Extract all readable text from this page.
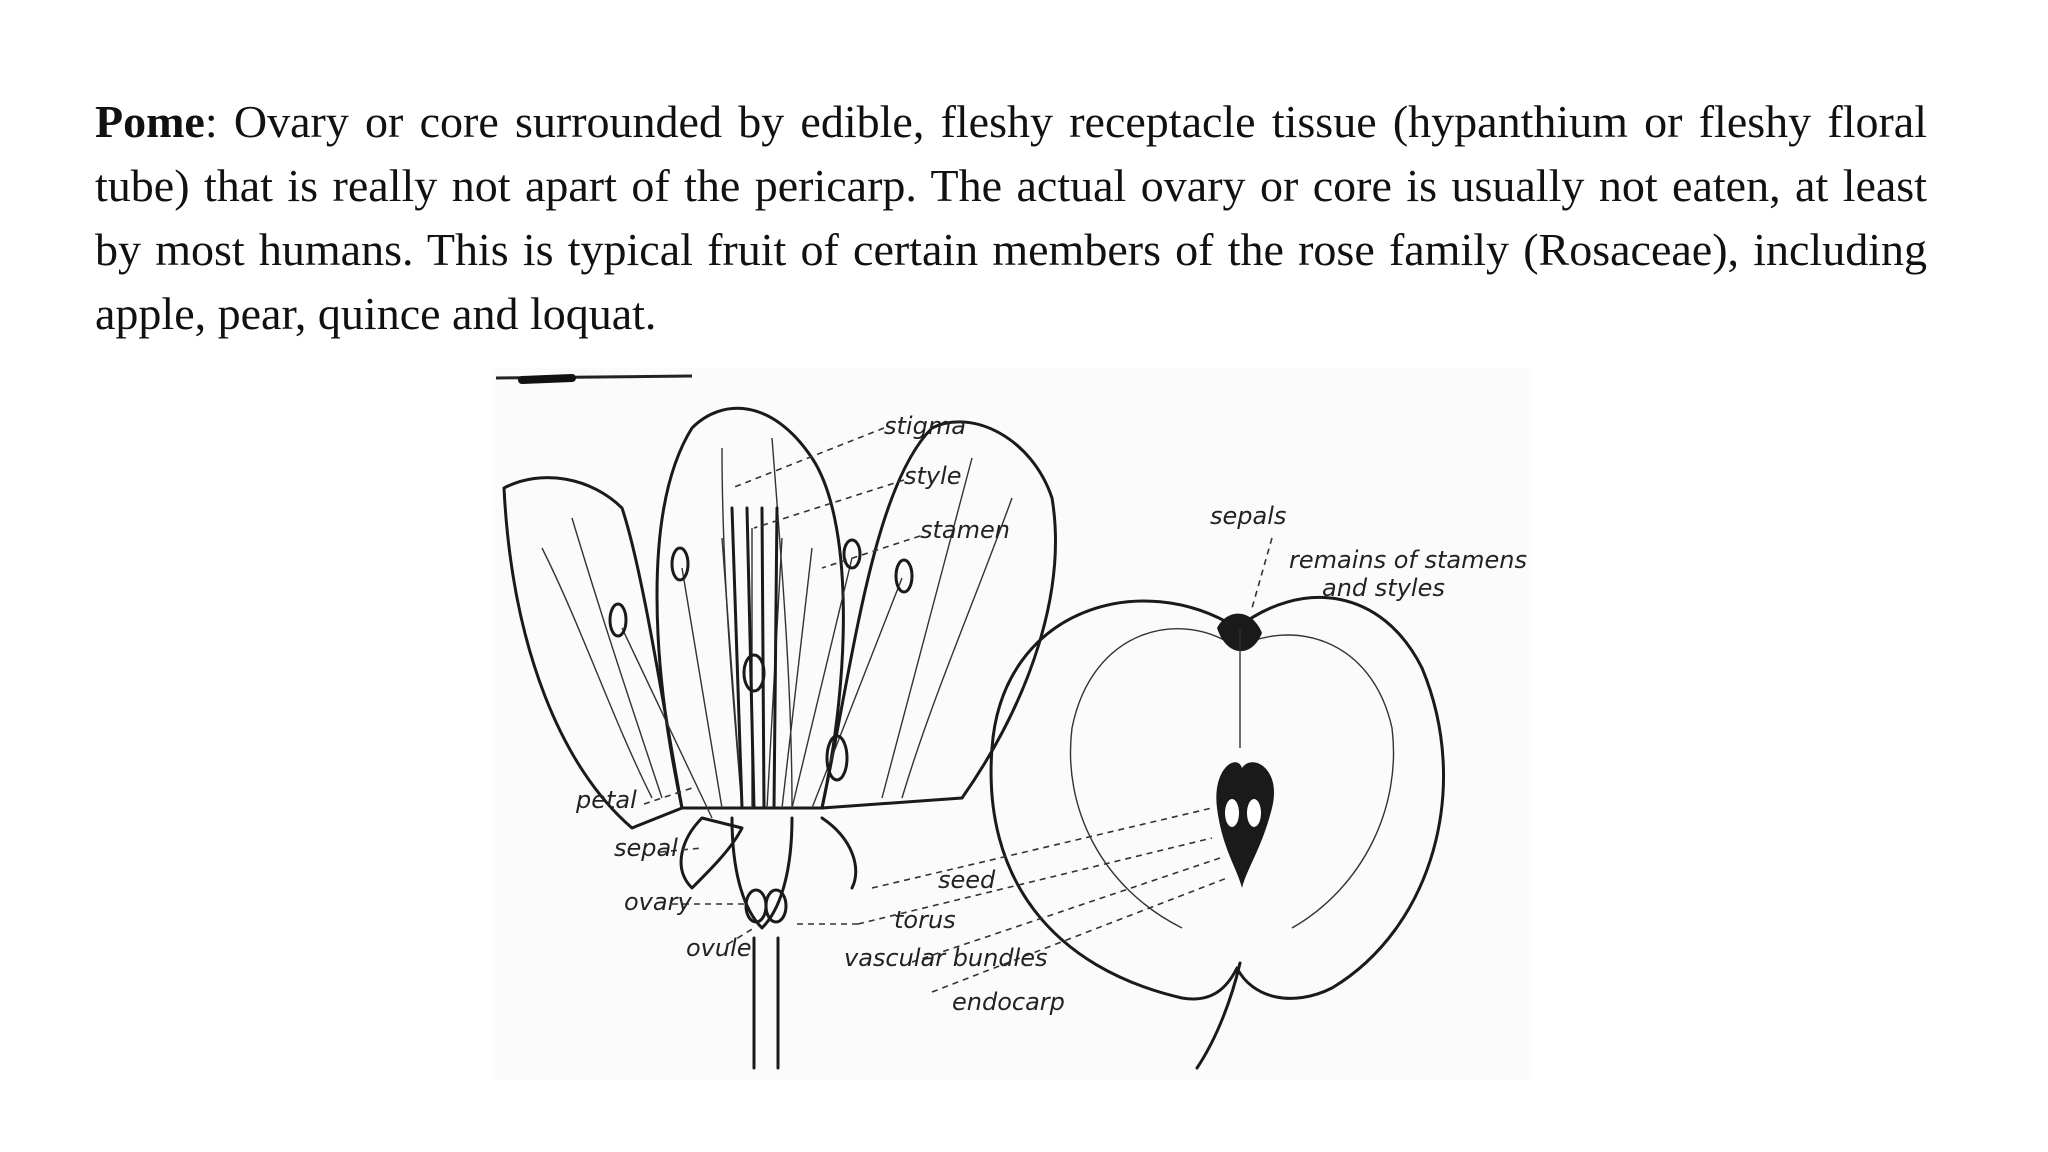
Pome: Ovary or core surrounded by edible, fleshy receptacle tissue (hypanthium or fleshy floral tube) that is really not apart of the pericarp. The actual ovary or core is usually not eaten, at least by most humans. This is typical fruit of certain members of the rose family (Rosaceae), including apple, pear, quince and loquat.

stigma
style
stamen	sepals
remains of stamens
and styles
petal
sepal
ovary
ovule
seed
torus
vascular bundles
endocarp
